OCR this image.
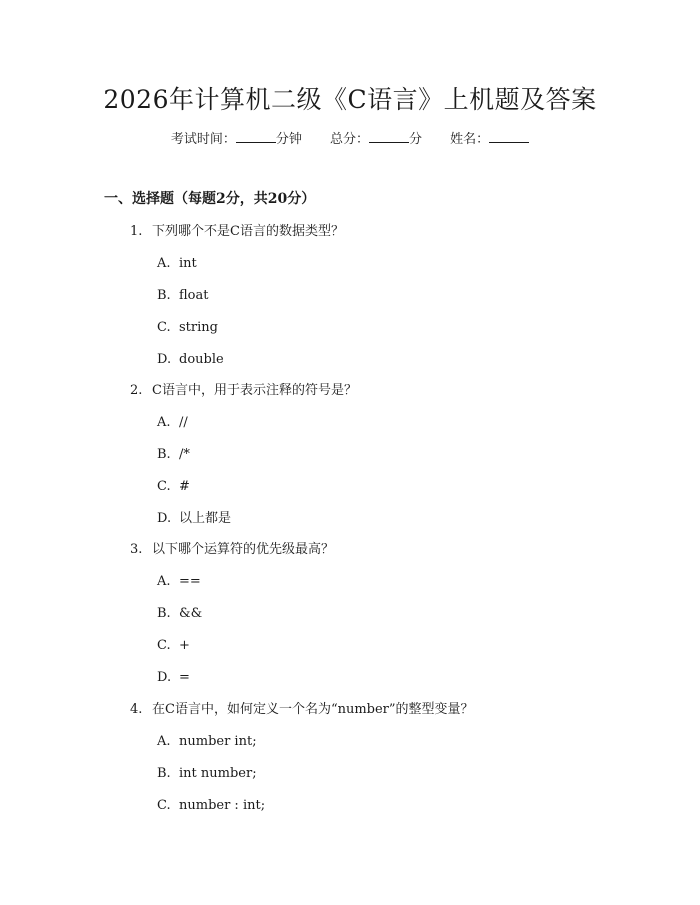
2026年计算机二级《C语言》上机题及答案
考试时间：	分钟 总分：	分 姓名：
一、选择题（每题2分，共20分）
1. 下列哪个不是C语言的数据类型？
A. int
B. float
C. string
D. double
2. C语言中，用于表示注释的符号是？
A. //
B. /*
C. #
D. 以上都是
3. 以下哪个运算符的优先级最高？
A. ==
B. &&
C. +
D. =
4. 在C语言中，如何定义一个名为“number”的整型变量？
A. number int;
B. int number;
C. number : int;
